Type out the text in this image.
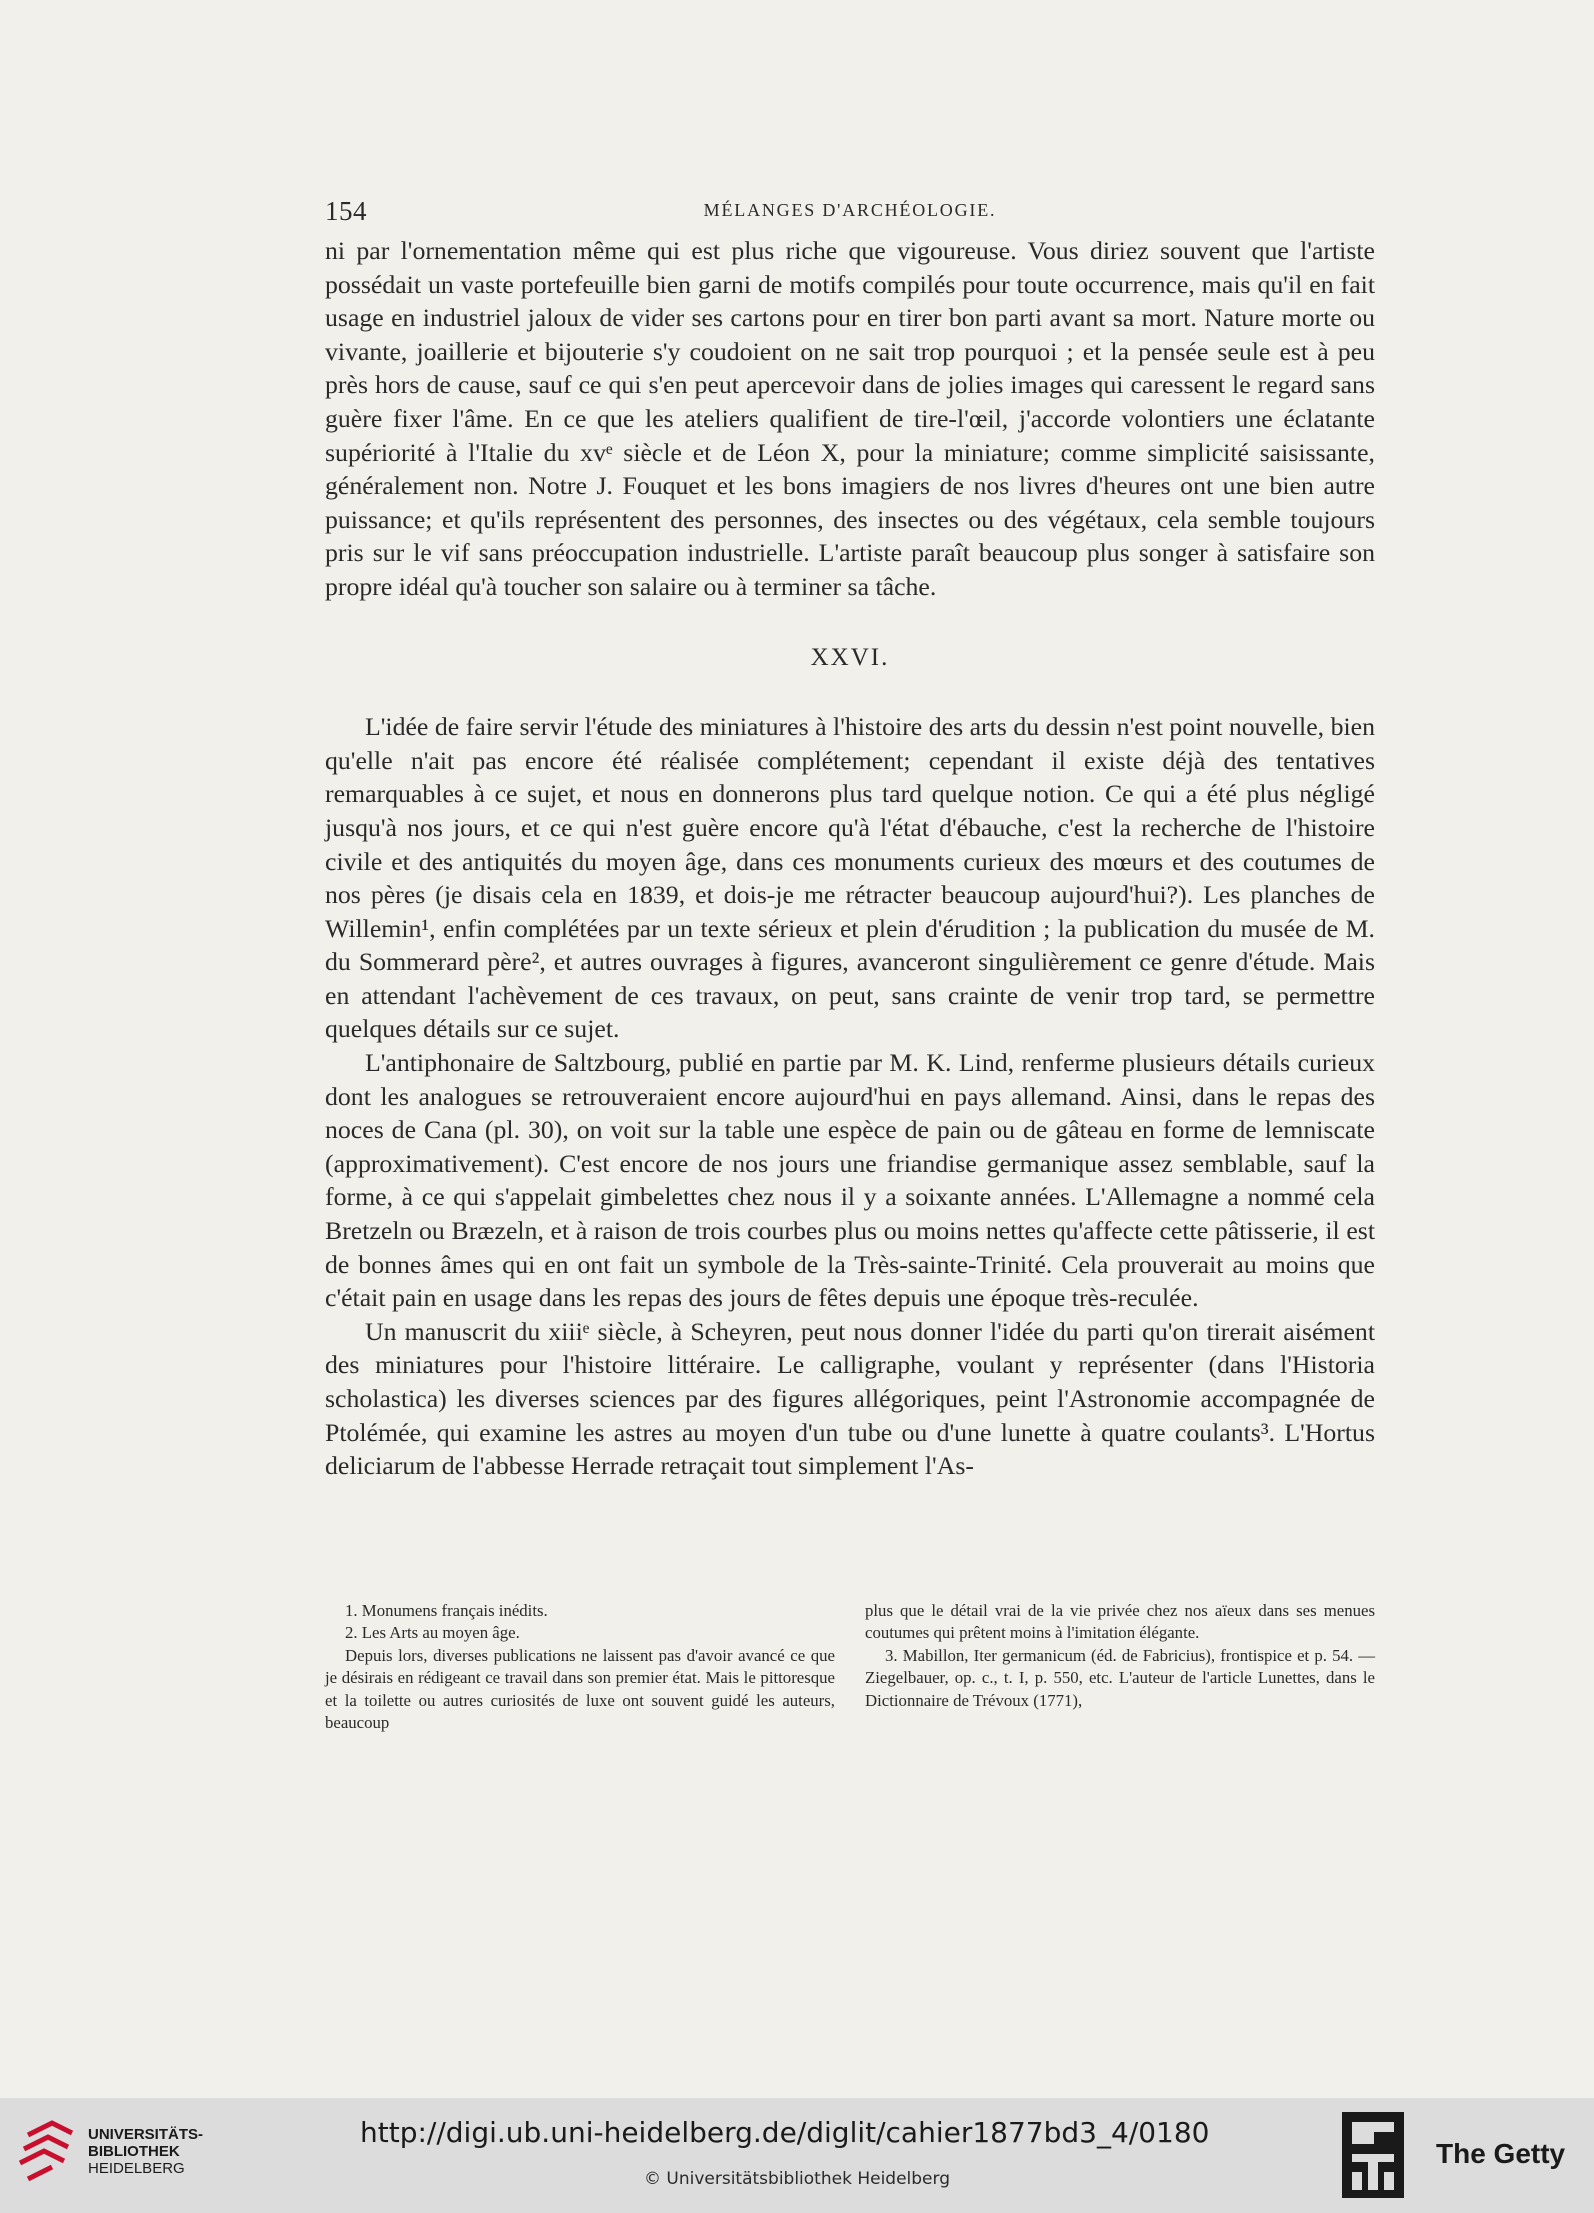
154	MÉLANGES D'ARCHÉOLOGIE.

ni par l'ornementation même qui est plus riche que vigoureuse. Vous diriez souvent que l'artiste possédait un vaste portefeuille bien garni de motifs compilés pour toute occurrence, mais qu'il en fait usage en industriel jaloux de vider ses cartons pour en tirer bon parti avant sa mort. Nature morte ou vivante, joaillerie et bijouterie s'y coudoient on ne sait trop pourquoi ; et la pensée seule est à peu près hors de cause, sauf ce qui s'en peut apercevoir dans de jolies images qui caressent le regard sans guère fixer l'âme. En ce que les ateliers qualifient de tire-l'œil, j'accorde volontiers une éclatante supériorité à l'Italie du xvᵉ siècle et de Léon X, pour la miniature; comme simplicité saisissante, généralement non. Notre J. Fouquet et les bons imagiers de nos livres d'heures ont une bien autre puissance; et qu'ils représentent des personnes, des insectes ou des végétaux, cela semble toujours pris sur le vif sans préoccupation industrielle. L'artiste paraît beaucoup plus songer à satisfaire son propre idéal qu'à toucher son salaire ou à terminer sa tâche.

XXVI.

L'idée de faire servir l'étude des miniatures à l'histoire des arts du dessin n'est point nouvelle, bien qu'elle n'ait pas encore été réalisée complétement; cependant il existe déjà des tentatives remarquables à ce sujet, et nous en donnerons plus tard quelque notion. Ce qui a été plus négligé jusqu'à nos jours, et ce qui n'est guère encore qu'à l'état d'ébauche, c'est la recherche de l'histoire civile et des antiquités du moyen âge, dans ces monuments curieux des mœurs et des coutumes de nos pères (je disais cela en 1839, et dois-je me rétracter beaucoup aujourd'hui?). Les planches de Willemin¹, enfin complétées par un texte sérieux et plein d'érudition ; la publication du musée de M. du Sommerard père², et autres ouvrages à figures, avanceront singulièrement ce genre d'étude. Mais en attendant l'achèvement de ces travaux, on peut, sans crainte de venir trop tard, se permettre quelques détails sur ce sujet.

L'antiphonaire de Saltzbourg, publié en partie par M. K. Lind, renferme plusieurs détails curieux dont les analogues se retrouveraient encore aujourd'hui en pays allemand. Ainsi, dans le repas des noces de Cana (pl. 30), on voit sur la table une espèce de pain ou de gâteau en forme de lemniscate (approximativement). C'est encore de nos jours une friandise germanique assez semblable, sauf la forme, à ce qui s'appelait gimbelettes chez nous il y a soixante années. L'Allemagne a nommé cela Bretzeln ou Bræzeln, et à raison de trois courbes plus ou moins nettes qu'affecte cette pâtisserie, il est de bonnes âmes qui en ont fait un symbole de la Très-sainte-Trinité. Cela prouverait au moins que c'était pain en usage dans les repas des jours de fêtes depuis une époque très-reculée.

Un manuscrit du xiiiᵉ siècle, à Scheyren, peut nous donner l'idée du parti qu'on tirerait aisément des miniatures pour l'histoire littéraire. Le calligraphe, voulant y représenter (dans l'Historia scholastica) les diverses sciences par des figures allégoriques, peint l'Astronomie accompagnée de Ptolémée, qui examine les astres au moyen d'un tube ou d'une lunette à quatre coulants³. L'Hortus deliciarum de l'abbesse Herrade retraçait tout simplement l'As-

1. Monumens français inédits.

2. Les Arts au moyen âge.

Depuis lors, diverses publications ne laissent pas d'avoir avancé ce que je désirais en rédigeant ce travail dans son premier état. Mais le pittoresque et la toilette ou autres curiosités de luxe ont souvent guidé les auteurs, beaucoup

plus que le détail vrai de la vie privée chez nos aïeux dans ses menues coutumes qui prêtent moins à l'imitation élégante.

3. Mabillon, Iter germanicum (éd. de Fabricius), frontispice et p. 54. —Ziegelbauer, op. c., t. I, p. 550, etc. L'auteur de l'article Lunettes, dans le Dictionnaire de Trévoux (1771),

UNIVERSITÄTS-
BIBLIOTHEK
HEIDELBERG
http://digi.ub.uni-heidelberg.de/diglit/cahier1877bd3_4/0180
© Universitätsbibliothek Heidelberg
The Getty
